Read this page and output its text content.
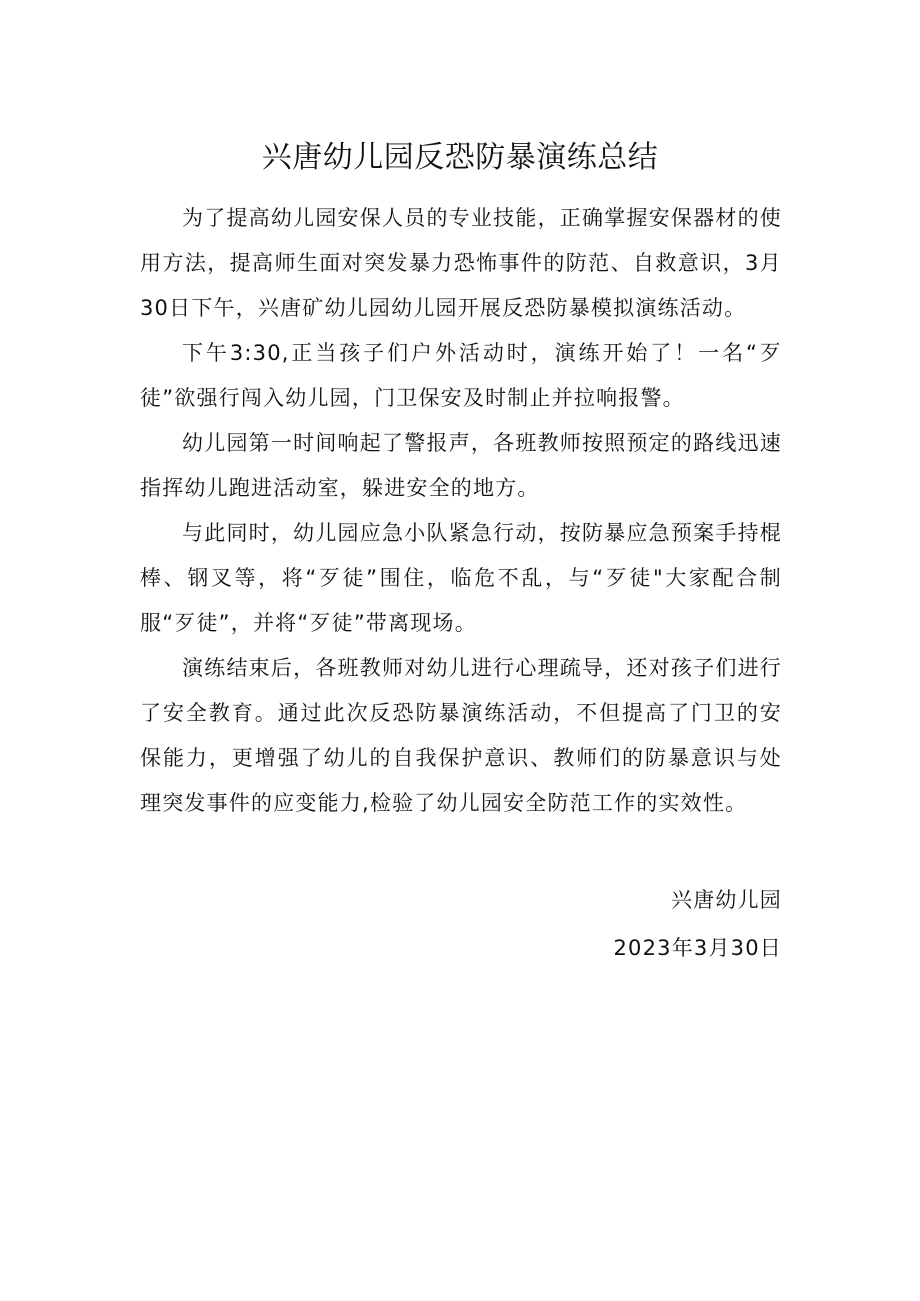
兴唐幼儿园反恐防暴演练总结

为了提高幼儿园安保人员的专业技能，正确掌握安保器材的使用方法，提高师生面对突发暴力恐怖事件的防范、自救意识，3月30日下午，兴唐矿幼儿园幼儿园开展反恐防暴模拟演练活动。

下午3:30,正当孩子们户外活动时，演练开始了！一名“歹徒”欲强行闯入幼儿园，门卫保安及时制止并拉响报警。

幼儿园第一时间响起了警报声，各班教师按照预定的路线迅速指挥幼儿跑进活动室，躲进安全的地方。

与此同时，幼儿园应急小队紧急行动，按防暴应急预案手持棍棒、钢叉等，将“歹徒”围住，临危不乱，与“歹徒"大家配合制服“歹徒”，并将“歹徒”带离现场。

演练结束后，各班教师对幼儿进行心理疏导，还对孩子们进行了安全教育。通过此次反恐防暴演练活动，不但提高了门卫的安保能力，更增强了幼儿的自我保护意识、教师们的防暴意识与处理突发事件的应变能力,检验了幼儿园安全防范工作的实效性。

兴唐幼儿园
2023年3月30日
